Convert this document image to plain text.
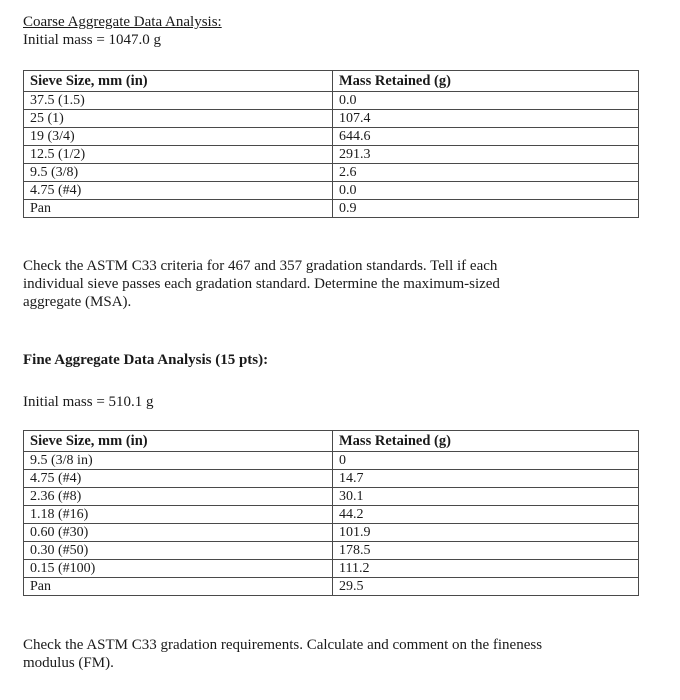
Coarse Aggregate Data Analysis:
Initial mass = 1047.0 g
Sieve Size, mm (in)	Mass Retained (g)
37.5 (1.5)	0.0
25 (1)	107.4
19 (3/4)	644.6
12.5 (1/2)	291.3
9.5 (3/8)	2.6
4.75 (#4)	0.0
Pan	0.9
Check the ASTM C33 criteria for 467 and 357 gradation standards. Tell if each
individual sieve passes each gradation standard. Determine the maximum-sized
aggregate (MSA).
Fine Aggregate Data Analysis (15 pts):
Initial mass = 510.1 g
Sieve Size, mm (in)	Mass Retained (g)
9.5 (3/8 in)	0
4.75 (#4)	14.7
2.36 (#8)	30.1
1.18 (#16)	44.2
0.60 (#30)	101.9
0.30 (#50)	178.5
0.15 (#100)	111.2
Pan	29.5
Check the ASTM C33 gradation requirements. Calculate and comment on the fineness
modulus (FM).
